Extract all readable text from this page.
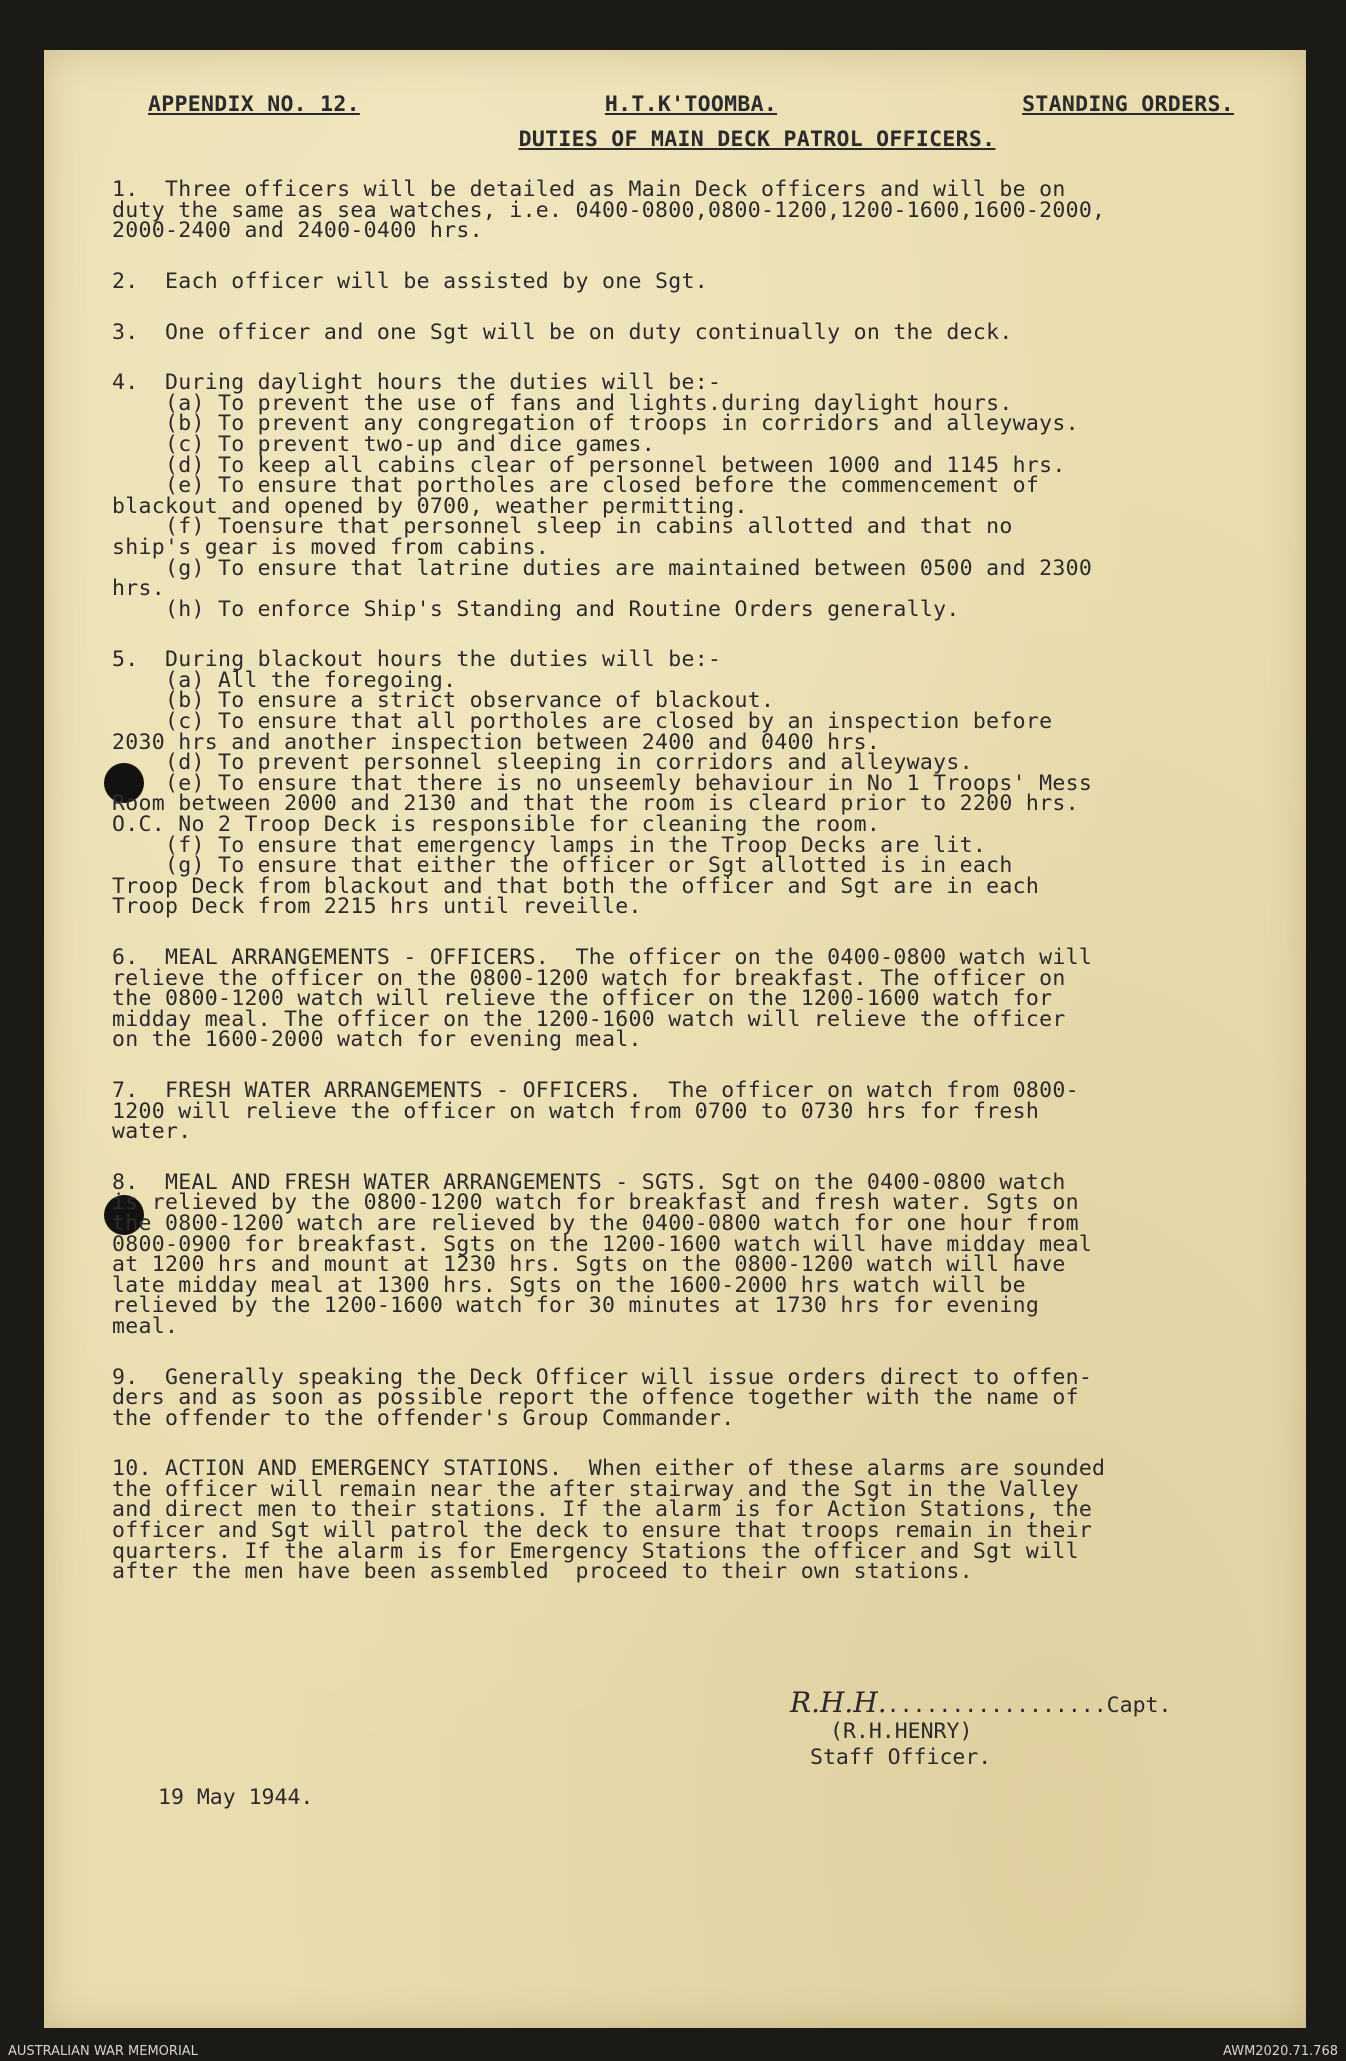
APPENDIX NO. 12.	H.T.K'TOOMBA.	STANDING ORDERS.
DUTIES OF MAIN DECK PATROL OFFICERS.
1.  Three officers will be detailed as Main Deck officers and will be on
duty the same as sea watches, i.e. 0400-0800,0800-1200,1200-1600,1600-2000,
2000-2400 and 2400-0400 hrs.
2.  Each officer will be assisted by one Sgt.
3.  One officer and one Sgt will be on duty continually on the deck.
4.  During daylight hours the duties will be:-
(a) To prevent the use of fans and lights.during daylight hours.
(b) To prevent any congregation of troops in corridors and alleyways.
(c) To prevent two-up and dice games.
(d) To keep all cabins clear of personnel between 1000 and 1145 hrs.
(e) To ensure that portholes are closed before the commencement of
blackout and opened by 0700, weather permitting.
(f) Toensure that personnel sleep in cabins allotted and that no
ship's gear is moved from cabins.
(g) To ensure that latrine duties are maintained between 0500 and 2300
hrs.
(h) To enforce Ship's Standing and Routine Orders generally.
5.  During blackout hours the duties will be:-
(a) All the foregoing.
(b) To ensure a strict observance of blackout.
(c) To ensure that all portholes are closed by an inspection before
2030 hrs and another inspection between 2400 and 0400 hrs.
(d) To prevent personnel sleeping in corridors and alleyways.
(e) To ensure that there is no unseemly behaviour in No 1 Troops' Mess
Room between 2000 and 2130 and that the room is cleard prior to 2200 hrs.
O.C. No 2 Troop Deck is responsible for cleaning the room.
(f) To ensure that emergency lamps in the Troop Decks are lit.
(g) To ensure that either the officer or Sgt allotted is in each
Troop Deck from blackout and that both the officer and Sgt are in each
Troop Deck from 2215 hrs until reveille.
6.  MEAL ARRANGEMENTS - OFFICERS.  The officer on the 0400-0800 watch will
relieve the officer on the 0800-1200 watch for breakfast. The officer on
the 0800-1200 watch will relieve the officer on the 1200-1600 watch for
midday meal. The officer on the 1200-1600 watch will relieve the officer
on the 1600-2000 watch for evening meal.
7.  FRESH WATER ARRANGEMENTS - OFFICERS.  The officer on watch from 0800-
1200 will relieve the officer on watch from 0700 to 0730 hrs for fresh
water.
8.  MEAL AND FRESH WATER ARRANGEMENTS - SGTS. Sgt on the 0400-0800 watch
is relieved by the 0800-1200 watch for breakfast and fresh water. Sgts on
the 0800-1200 watch are relieved by the 0400-0800 watch for one hour from
0800-0900 for breakfast. Sgts on the 1200-1600 watch will have midday meal
at 1200 hrs and mount at 1230 hrs. Sgts on the 0800-1200 watch will have
late midday meal at 1300 hrs. Sgts on the 1600-2000 hrs watch will be
relieved by the 1200-1600 watch for 30 minutes at 1730 hrs for evening
meal.
9.  Generally speaking the Deck Officer will issue orders direct to offen-
ders and as soon as possible report the offence together with the name of
the offender to the offender's Group Commander.
10. ACTION AND EMERGENCY STATIONS.  When either of these alarms are sounded
the officer will remain near the after stairway and the Sgt in the Valley
and direct men to their stations. If the alarm is for Action Stations, the
officer and Sgt will patrol the deck to ensure that troops remain in their
quarters. If the alarm is for Emergency Stations the officer and Sgt will
after the men have been assembled  proceed to their own stations.
R.H.H..................Capt.
(R.H.HENRY)
Staff Officer.
19 May 1944.
AUSTRALIAN WAR MEMORIAL	AWM2020.71.768
